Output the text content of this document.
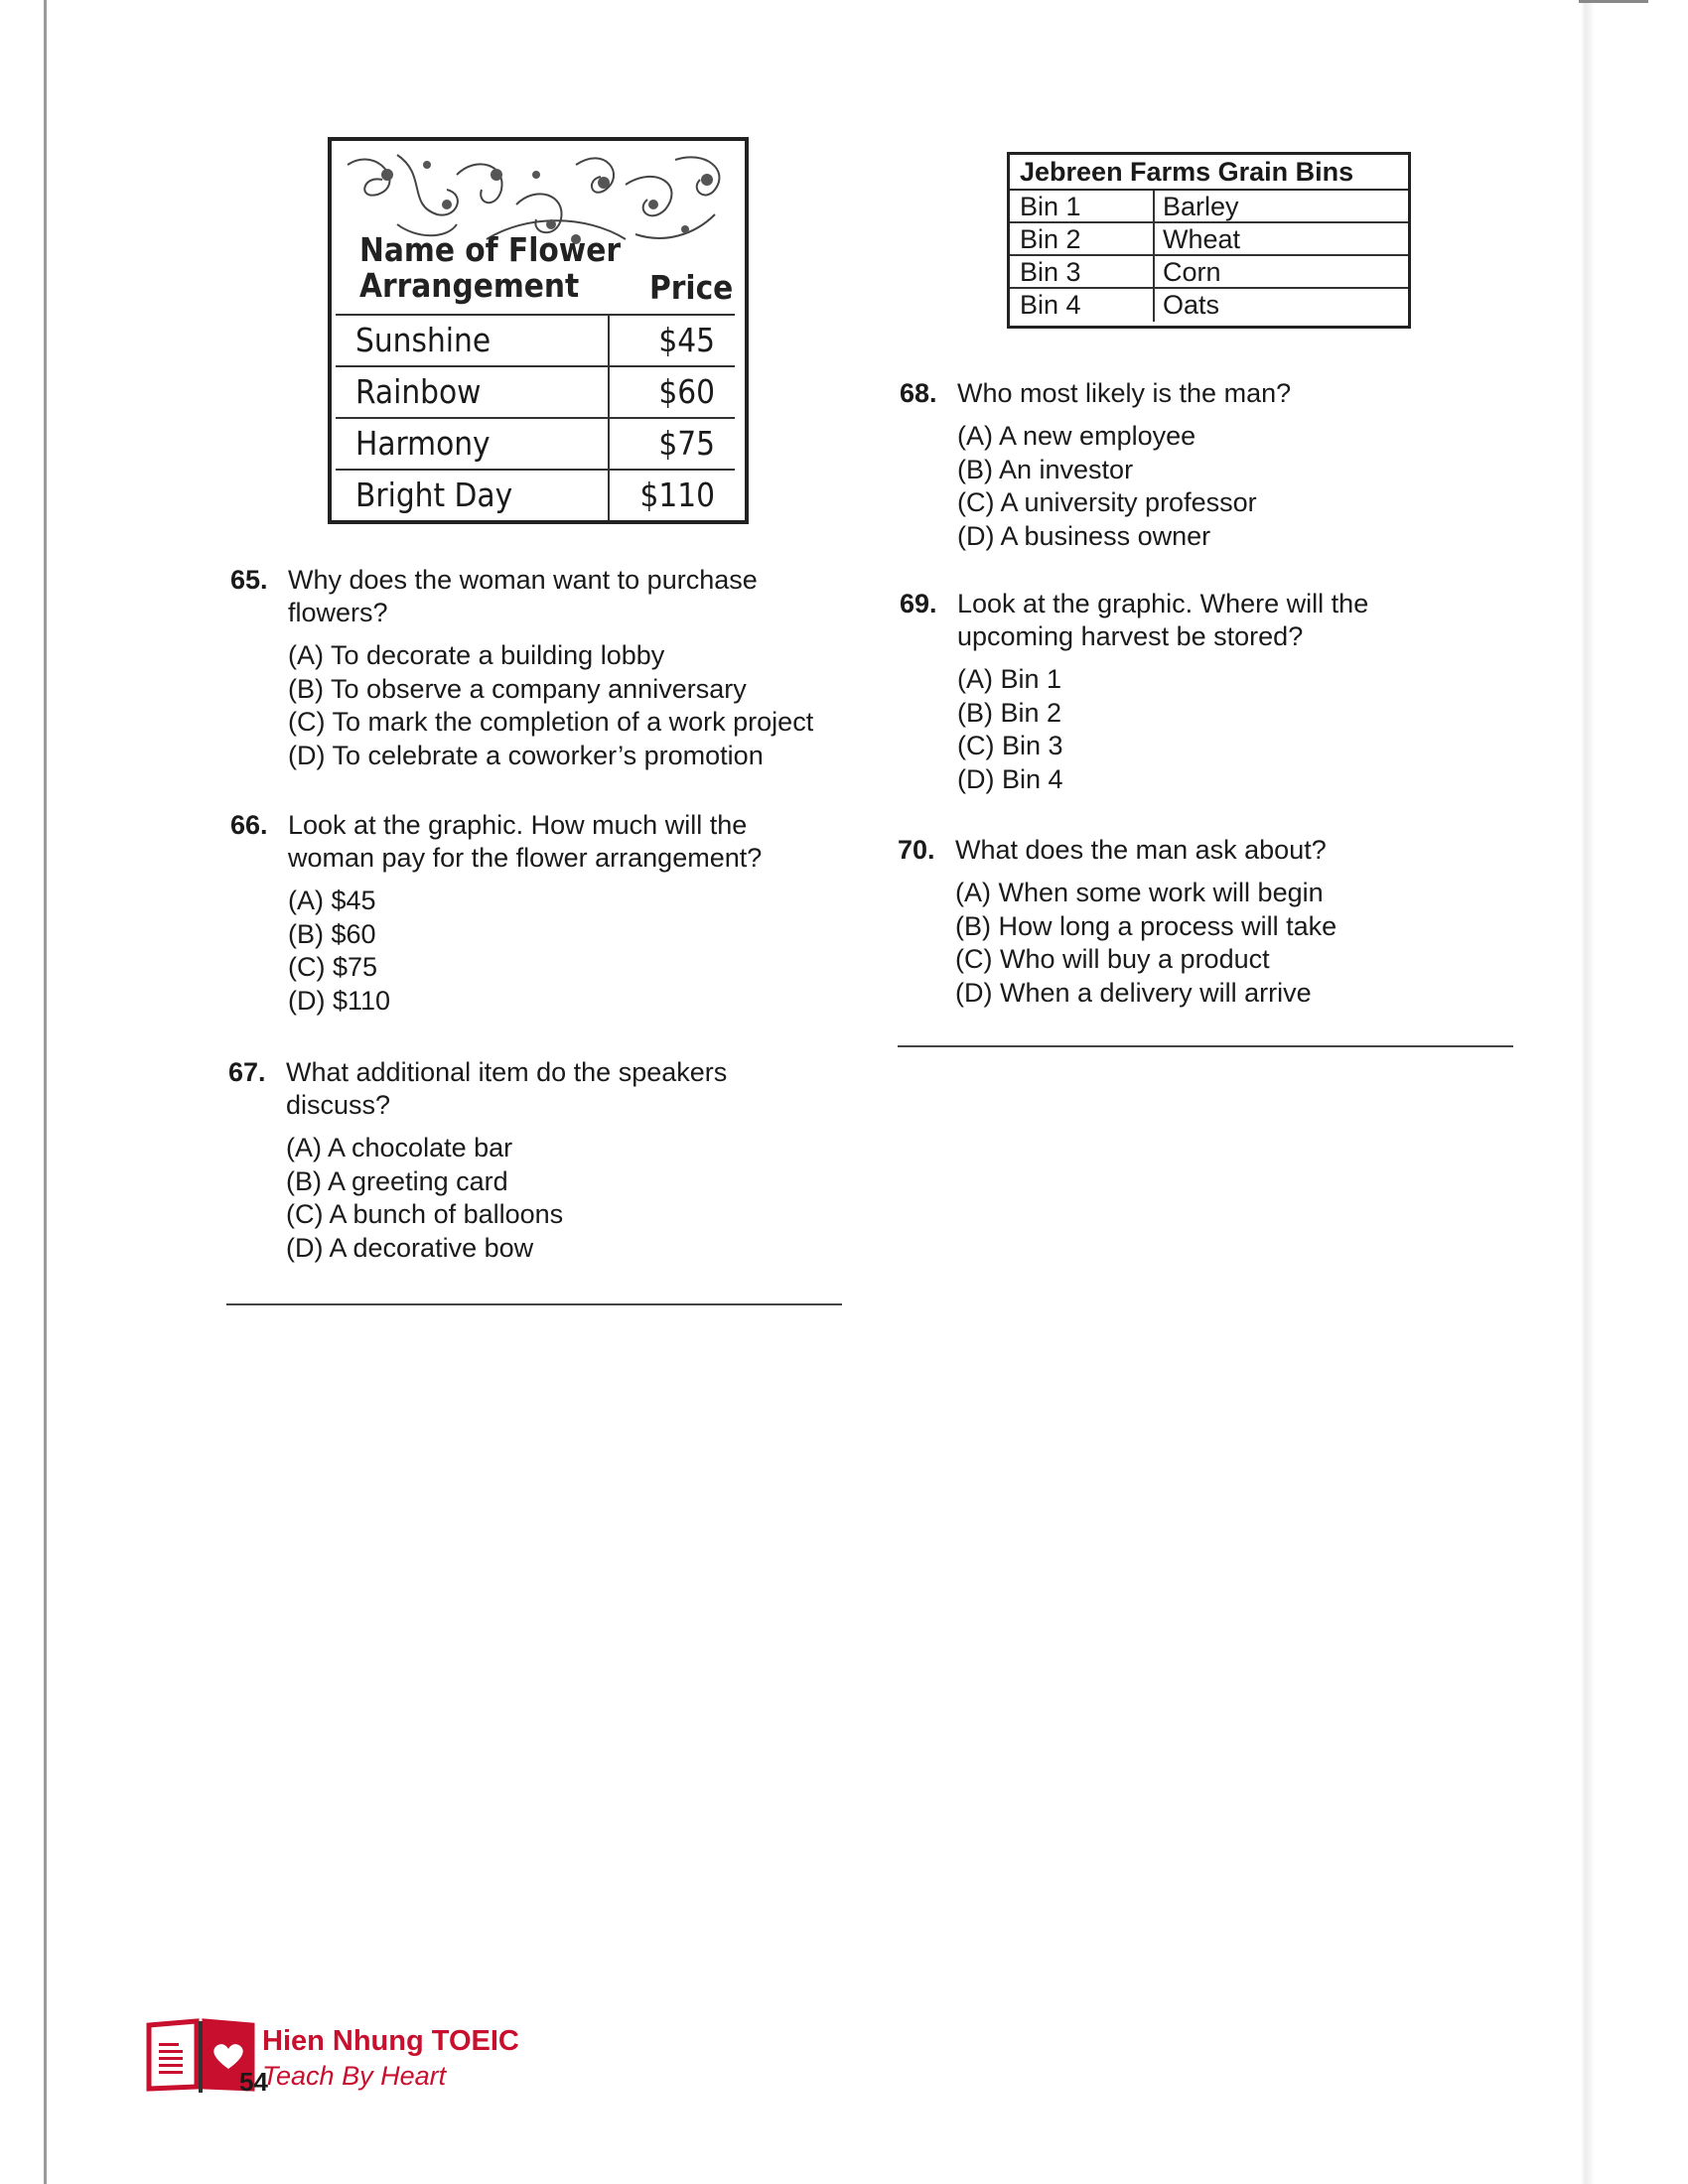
Name of Flower
Arrangement	Price
Sunshine	$45
Rainbow	$60
Harmony	$75
Bright Day	$110
Jebreen Farms Grain Bins
Bin 1	Barley
Bin 2	Wheat
Bin 3	Corn
Bin 4	Oats
65. Why does the woman want to purchase
flowers?
(A) To decorate a building lobby
(B) To observe a company anniversary
(C) To mark the completion of a work project
(D) To celebrate a coworker’s promotion
66. Look at the graphic. How much will the
woman pay for the flower arrangement?
(A) $45
(B) $60
(C) $75
(D) $110
67. What additional item do the speakers
discuss?
(A) A chocolate bar
(B) A greeting card
(C) A bunch of balloons
(D) A decorative bow
68. Who most likely is the man?
(A) A new employee
(B) An investor
(C) A university professor
(D) A business owner
69. Look at the graphic. Where will the
upcoming harvest be stored?
(A) Bin 1
(B) Bin 2
(C) Bin 3
(D) Bin 4
70. What does the man ask about?
(A) When some work will begin
(B) How long a process will take
(C) Who will buy a product
(D) When a delivery will arrive
Hien Nhung TOEIC
Teach By Heart
54
